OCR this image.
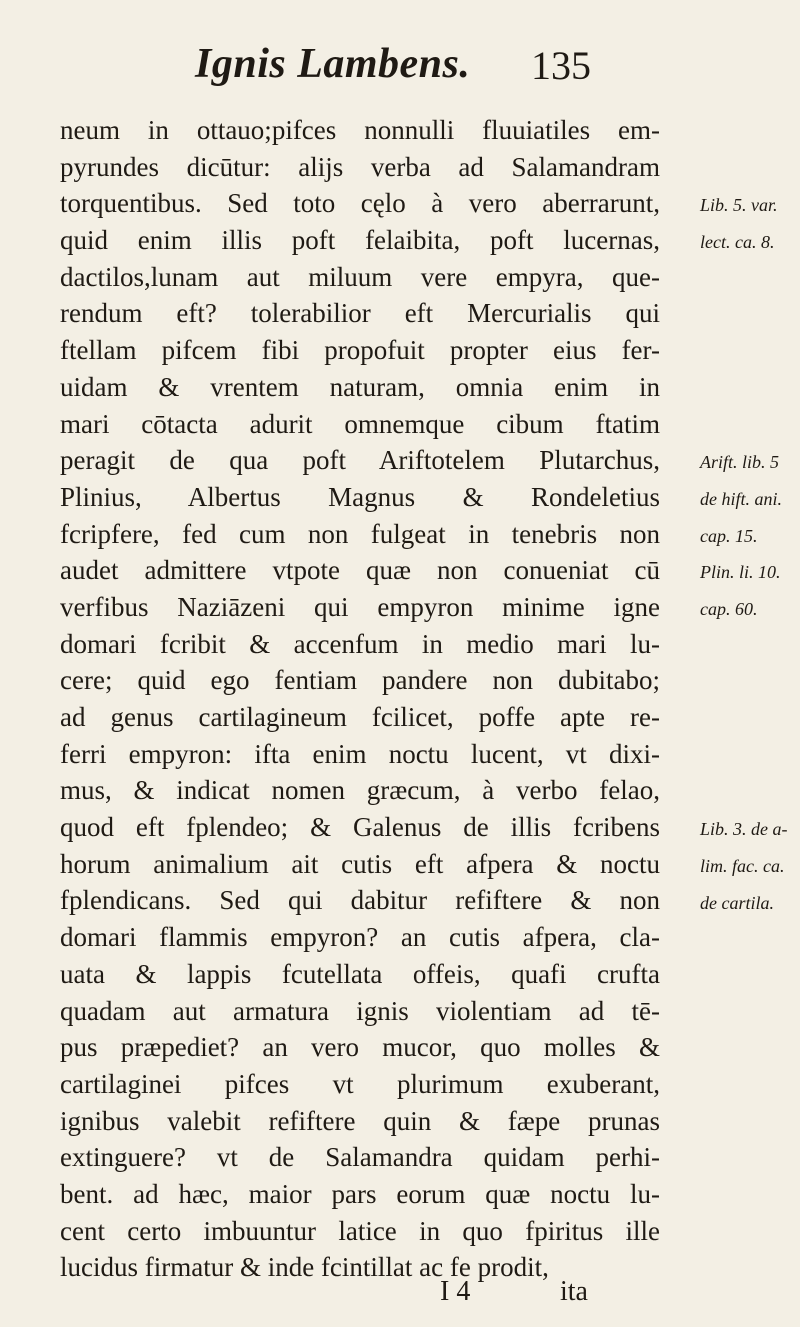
Ignis Lambens. 135
neum in ottauo;pifces nonnulli fluuiatiles em-
pyrundes dicūtur: alijs verba ad Salamandram
torquentibus. Sed toto cęlo à vero aberrarunt,
quid enim illis poft felaibita, poft lucernas,
dactilos,lunam aut miluum vere empyra, que-
rendum eft? tolerabilior eft Mercurialis qui
ftellam pifcem fibi propofuit propter eius fer-
uidam & vrentem naturam, omnia enim in
mari cōtacta adurit omnemque cibum ftatim
peragit de qua poft Ariftotelem Plutarchus,
Plinius, Albertus Magnus & Rondeletius
fcripfere, fed cum non fulgeat in tenebris non
audet admittere vtpote quæ non conueniat cū
verfibus Naziāzeni qui empyron minime igne
domari fcribit & accenfum in medio mari lu-
cere; quid ego fentiam pandere non dubitabo;
ad genus cartilagineum fcilicet, poffe apte re-
ferri empyron: ifta enim noctu lucent, vt dixi-
mus, & indicat nomen græcum, à verbo felao,
quod eft fplendeo; & Galenus de illis fcribens
horum animalium ait cutis eft afpera & noctu
fplendicans. Sed qui dabitur refiftere & non
domari flammis empyron? an cutis afpera, cla-
uata & lappis fcutellata offeis, quafi crufta
quadam aut armatura ignis violentiam ad tē-
pus præpediet? an vero mucor, quo molles &
cartilaginei pifces vt plurimum exuberant,
ignibus valebit refiftere quin & fæpe prunas
extinguere? vt de Salamandra quidam perhi-
bent. ad hæc, maior pars eorum quæ noctu lu-
cent certo imbuuntur latice in quo fpiritus ille
lucidus firmatur & inde fcintillat ac fe prodit,
Lib. 5. var.
lect. ca. 8.
Arift. lib. 5
de hift. ani.
cap. 15.
Plin. li. 10.
cap. 60.
Lib. 3. de a-
lim. fac. ca.
de cartila.
I 4	ita
